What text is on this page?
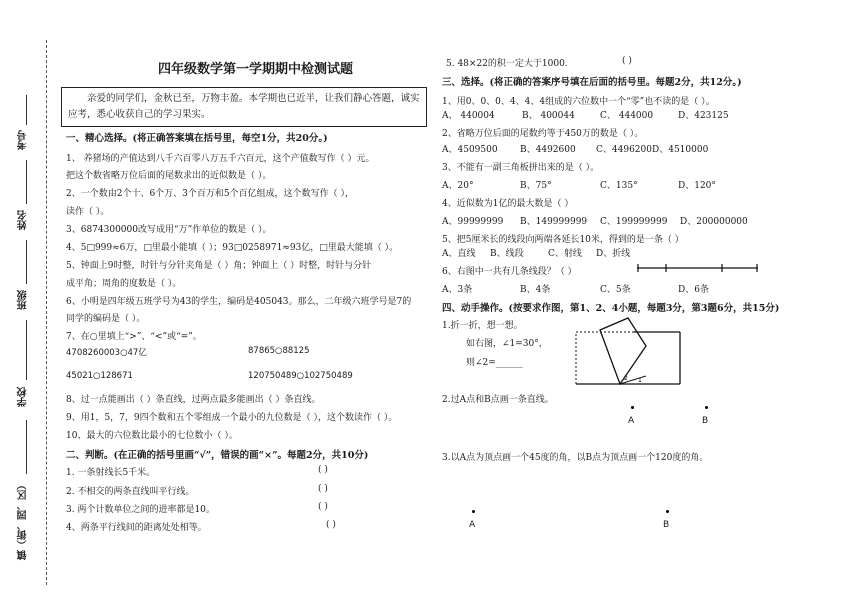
考号
姓名
班级
学校
镇（街、园、区）
四年级数学第一学期期中检测试题
亲爱的同学们，金秋已至，万物丰盈。本学期也已近半，让我们静心答题，诚实应考，悉心收获自己的学习果实。
一、精心选择。(将正确答案填在括号里，每空1分，共20分。)
1、 养猪场的产值达到八千六百零八万五千六百元，这个产值数写作（ ）元。
把这个数省略万位后面的尾数求出的近似数是（ ）。
2、一个数由2个十、6个万、3个百万和5个百亿组成，这个数写作（ ），
读作（ ）。
3、6874300000改写成用“万”作单位的数是（ ）。
4、5□999≈6万，□里最小能填（ ）；93□0258971≈93亿，□里最大能填（ ）。
5、钟面上9时整，时针与分针夹角是（ ）角；钟面上（ ）时整，时针与分针
成平角；周角的度数是（ ）。
6、小明是四年级五班学号为43的学生，编码是405043。那么，二年级六班学号是7的
同学的编码是（ ）。
7、在○里填上“>”、“<”或“=”。
4708260003○47亿	87865○88125
45021○128671	120750489○102750489
8、过一点能画出（ ）条直线，过两点最多能画出（ ）条直线。
9、用1，5，7，9四个数和五个零组成一个最小的九位数是（ ），这个数读作（ ）。
10、最大的六位数比最小的七位数小（ ）。
二、判断。(在正确的括号里画“√”，错误的画“×”。每题2分，共10分)
1. 一条射线长5千米。	( )
2. 不相交的两条直线叫平行线。	( )
3. 两个计数单位之间的进率都是10。	( )
4、两条平行线间的距离处处相等。	( )
5. 48×22的积一定大于1000.	( )
三、选择。(将正确的答案序号填在后面的括号里。每题2分，共12分。)
1、用0、0、0、4、4、4组成的六位数中一个“零”也不读的是（ ）。
A、 440004	B、 400044	C、 444000	D、423125
2、省略万位后面的尾数约等于450万的数是（ ）。
A、4509500 B、4492600 C、4496200 D、4510000
3、不能有一副三角板拼出来的是（ ）。
A、20°	B、75°	C、135°	D、120°
4、近似数为1亿的最大数是（ ）
A、99999999 B、149999999 C、199999999 D、200000000
5、把5厘米长的线段向两端各延长10米，得到的是一条（ ）
A、直线 B、线段	C、射线 D、折线
6、右图中一共有几条线段？（ ）
A、3条	B、4条	C、5条	D、6条
四、动手操作。(按要求作图，第1、2、4小题，每题3分，第3题6分，共15分)
1.折一折，想一想。
如右图，∠1=30°，
则∠2=______
2 1
2.过A点和B点画一条直线。
A	B
3.以A点为顶点画一个45度的角，以B点为顶点画一个120度的角。
A	B
